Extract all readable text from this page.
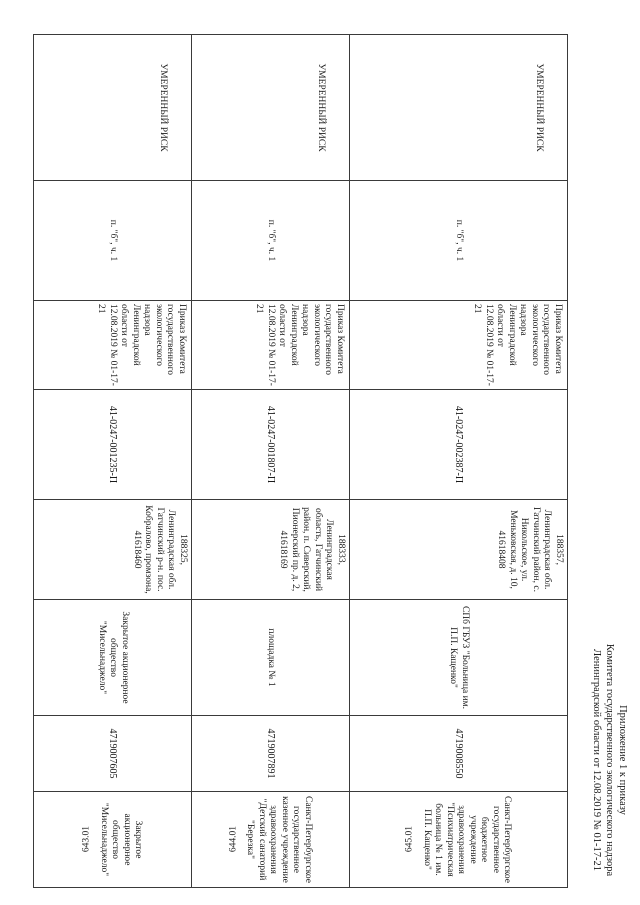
Приложение 1 к приказу
Комитета государственного экологического надзора
Ленинградской области от 12.08.2019 № 01-17-21
УМЕРЕННЫЙ РИСК	п. "б", ч. 1	Приказ Комитета государственного экологического надзора Ленинградской области от 12.08.2019 № 01-17-21	41-0247-002387-П	188357, Ленинградская обл. Гатчинский район, с. Никольское, ул. Меньковская, д. 10, 41618408	СПб ГБУЗ "Больница им. П.П. Кащенко"	4719008550	Санкт-Петербургское государственное бюджетное учреждение здравоохранения "Психиатрическая больница № 1 им. П.П. Кащенко"
645.01

УМЕРЕННЫЙ РИСК	п. "б", ч. 1	Приказ Комитета государственного экологического надзора Ленинградской области от 12.08.2019 № 01-17-21	41-0247-001807-П	188333, Ленинградская область, Гатчинский район, п. Сиверский, Пионерский пр. д. 2, 41618169	площадка № 1	4719007891	Санкт-Петербургское государственное казенное учреждение здравоохранения "Детский санаторий "Березка"
644.01

УМЕРЕННЫЙ РИСК	п. "б", ч. 1	Приказ Комитета государственного экологического надзора Ленинградской области от 12.08.2019 № 01-17-21	41-0247-001235-П	188325, Ленинградская обл. Гатчинский р-н. пос. Кобралово, промзона, 41618460	Закрытое акционерное общество "Мисельнаджело"	4719007605	Закрытое акционерное общество "Мисельнаджело"
643.01
